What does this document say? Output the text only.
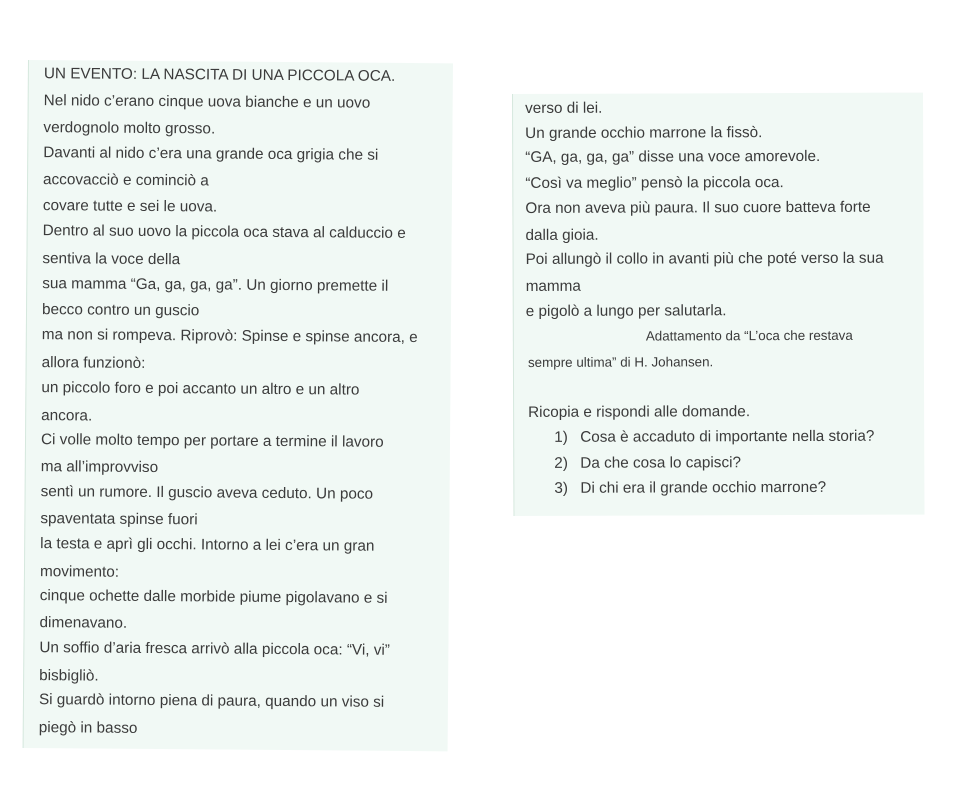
UN EVENTO: LA NASCITA DI UNA PICCOLA OCA.
Nel nido c’erano cinque uova bianche e un uovo
verdognolo molto grosso.
Davanti al nido c’era una grande oca grigia che si
accovacciò e cominciò a
covare tutte e sei le uova.
Dentro al suo uovo la piccola oca stava al calduccio e
sentiva la voce della
sua mamma “Ga, ga, ga, ga”. Un giorno premette il
becco contro un guscio
ma non si rompeva. Riprovò: Spinse e spinse ancora, e
allora funzionò:
un piccolo foro e poi accanto un altro e un altro
ancora.
Ci volle molto tempo per portare a termine il lavoro
ma all’improvviso
sentì un rumore. Il guscio aveva ceduto. Un poco
spaventata spinse fuori
la testa e aprì gli occhi. Intorno a lei c’era un gran
movimento:
cinque ochette dalle morbide piume pigolavano e si
dimenavano.
Un soffio d’aria fresca arrivò alla piccola oca: “Vi, vi”
bisbigliò.
Si guardò intorno piena di paura, quando un viso si
piegò in basso
verso di lei.
Un grande occhio marrone la fissò.
“GA, ga, ga, ga” disse una voce amorevole.
“Così va meglio” pensò la piccola oca.
Ora non aveva più paura. Il suo cuore batteva forte
dalla gioia.
Poi allungò il collo in avanti più che poté verso la sua
mamma
e pigolò a lungo per salutarla.
Adattamento da “L’oca che restava
sempre ultima” di H. Johansen.
Ricopia e rispondi alle domande.
1) Cosa è accaduto di importante nella storia?
2) Da che cosa lo capisci?
3) Di chi era il grande occhio marrone?
